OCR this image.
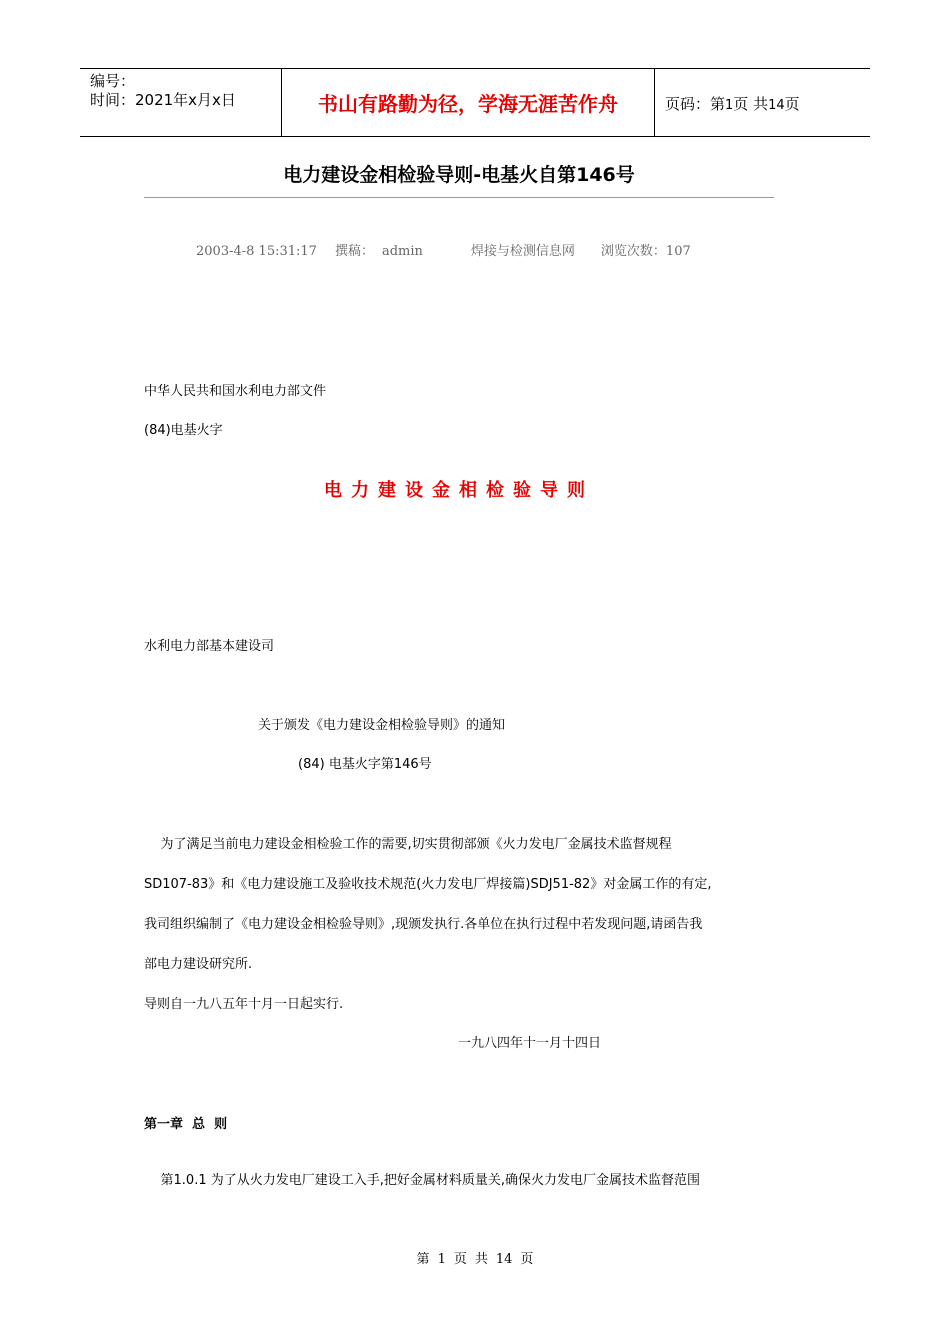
编号：
时间：2021年x月x日	书山有路勤为径，学海无涯苦作舟	页码：第1页 共14页
电力建设金相检验导则-电基火自第146号
2003-4-8 15:31:17 撰稿： admin	焊接与检测信息网 浏览次数：107
中华人民共和国水利电力部文件
(84)电基火字
电力建设金相检验导则
水利电力部基本建设司
关于颁发《电力建设金相检验导则》的通知
(84) 电基火字第146号
为了满足当前电力建设金相检验工作的需要,切实贯彻部颁《火力发电厂金属技术监督规程
SD107-83》和《电力建设施工及验收技术规范(火力发电厂焊接篇)SDJ51-82》对金属工作的有定,
我司组织编制了《电力建设金相检验导则》,现颁发执行.各单位在执行过程中若发现问题,请函告我
部电力建设研究所.
导则自一九八五年十月一日起实行.
一九八四年十一月十四日
第一章  总  则
第1.0.1 为了从火力发电厂建设工入手,把好金属材料质量关,确保火力发电厂金属技术监督范围
第 1 页 共 14 页
